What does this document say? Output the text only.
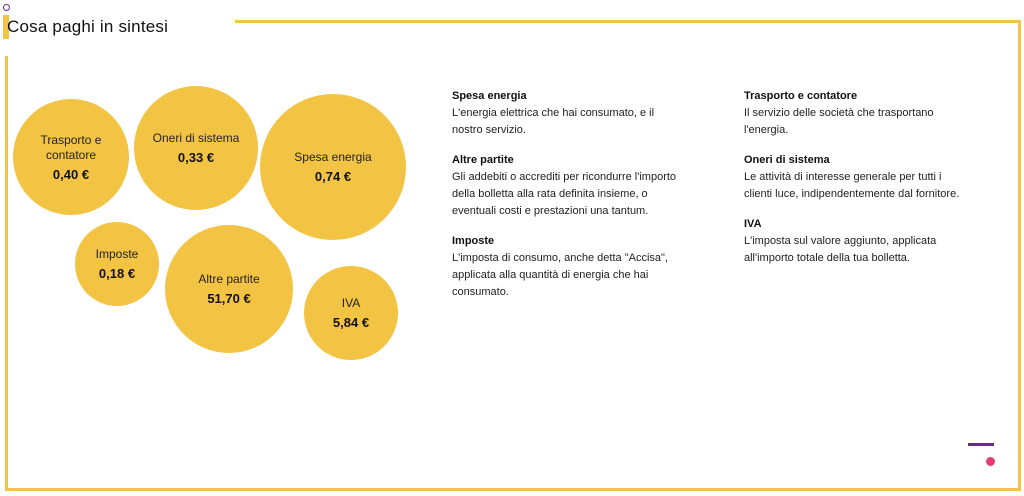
Cosa paghi in sintesi
Trasporto e contatore
0,40 €
Oneri di sistema
0,33 €	Spesa energia
0,74 €
Imposte
0,18 €	Altre partite
51,70 €	IVA
5,84 €
Spesa energia
L'energia elettrica che hai consumato, e il nostro servizio.
Altre partite
Gli addebiti o accrediti per ricondurre l'importo della bolletta alla rata definita insieme, o eventuali costi e prestazioni una tantum.
Imposte
L'imposta di consumo, anche detta "Accisa", applicata alla quantità di energia che hai consumato.
Trasporto e contatore
Il servizio delle società che trasportano l'energia.
Oneri di sistema
Le attività di interesse generale per tutti i clienti luce, indipendentemente dal fornitore.
IVA
L'imposta sul valore aggiunto, applicata all'importo totale della tua bolletta.
